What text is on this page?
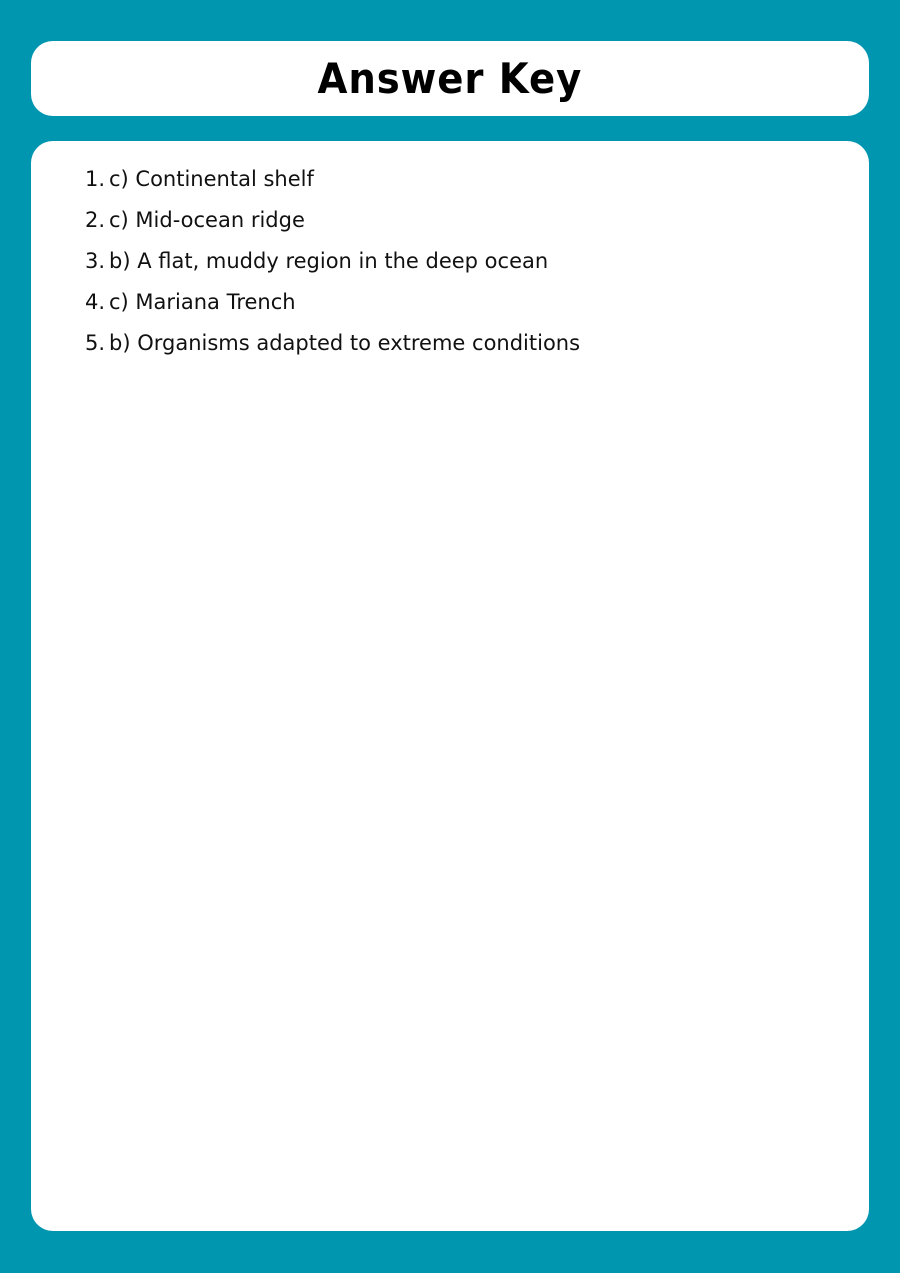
Answer Key
1. c) Continental shelf
2. c) Mid-ocean ridge
3. b) A flat, muddy region in the deep ocean
4. c) Mariana Trench
5. b) Organisms adapted to extreme conditions
